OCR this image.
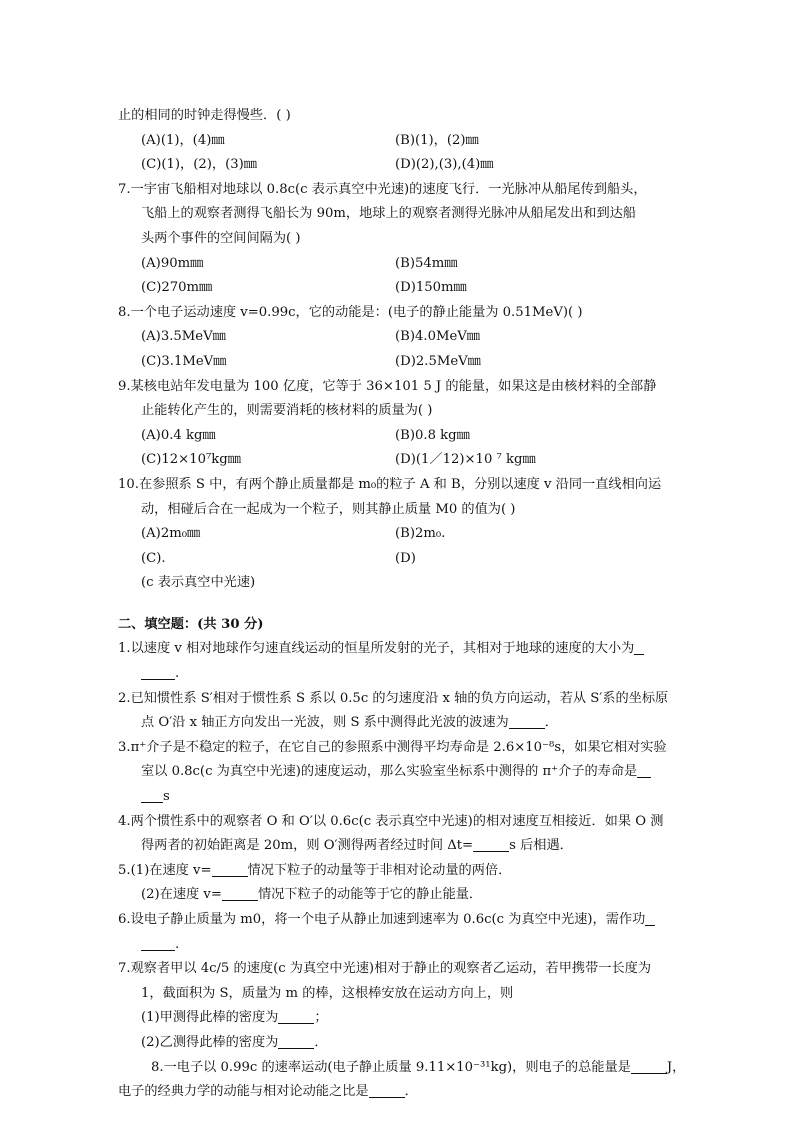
止的相同的时钟走得慢些．( )
(A)(1)，(4)㎜	(B)(1)，(2)㎜
(C)(1)，(2)，(3)㎜	(D)(2),(3),(4)㎜
7.一宇宙飞船相对地球以 0.8c(c 表示真空中光速)的速度飞行．一光脉冲从船尾传到船头，
飞船上的观察者测得飞船长为 90m，地球上的观察者测得光脉冲从船尾发出和到达船
头两个事件的空间间隔为( )
(A)90m㎜	(B)54m㎜
(C)270m㎜	(D)150m㎜
8.一个电子运动速度 v=0.99c，它的动能是：(电子的静止能量为 0.51MeV)( )
(A)3.5MeV㎜	(B)4.0MeV㎜
(C)3.1MeV㎜	(D)2.5MeV㎜
9.某核电站年发电量为 100 亿度，它等于 36×101 5 J 的能量，如果这是由核材料的全部静
止能转化产生的，则需要消耗的核材料的质量为( )
(A)0.4 kg㎜	(B)0.8 kg㎜
(C)12×10⁷kg㎜	(D)(1／12)×10 ⁷ kg㎜
10.在参照系 S 中，有两个静止质量都是 m₀的粒子 A 和 B，分别以速度 v 沿同一直线相向运
动，相碰后合在一起成为一个粒子，则其静止质量 M0 的值为( )
(A)2m₀㎜	(B)2m₀.
(C).	(D)
(c 表示真空中光速)
二、填空题：(共 30 分)
1.以速度 v 相对地球作匀速直线运动的恒星所发射的光子，其相对于地球的速度的大小为
.
2.已知惯性系 S′相对于惯性系 S 系以 0.5c 的匀速度沿 x 轴的负方向运动，若从 S′系的坐标原
点 O′沿 x 轴正方向发出一光波，则 S 系中测得此光波的波速为	．
3.π⁺介子是不稳定的粒子，在它自己的参照系中测得平均寿命是 2.6×10⁻⁸s，如果它相对实验
室以 0.8c(c 为真空中光速)的速度运动，那么实验室坐标系中测得的 π⁺介子的寿命是
s
4.两个惯性系中的观察者 O 和 O′以 0.6c(c 表示真空中光速)的相对速度互相接近．如果 O 测
得两者的初始距离是 20m，则 O′测得两者经过时间 Δt=	s 后相遇．
5.(1)在速度 v=	情况下粒子的动量等于非相对论动量的两倍．
(2)在速度 v=	情况下粒子的动能等于它的静止能量．
6.设电子静止质量为 m0，将一个电子从静止加速到速率为 0.6c(c 为真空中光速)，需作功
.
7.观察者甲以 4c/5 的速度(c 为真空中光速)相对于静止的观察者乙运动，若甲携带一长度为
1，截面积为 S，质量为 m 的棒，这根棒安放在运动方向上，则
(1)甲测得此棒的密度为	；
(2)乙测得此棒的密度为	．
8.一电子以 0.99c 的速率运动(电子静止质量 9.11×10⁻³¹kg)，则电子的总能量是	J，
电子的经典力学的动能与相对论动能之比是	．
